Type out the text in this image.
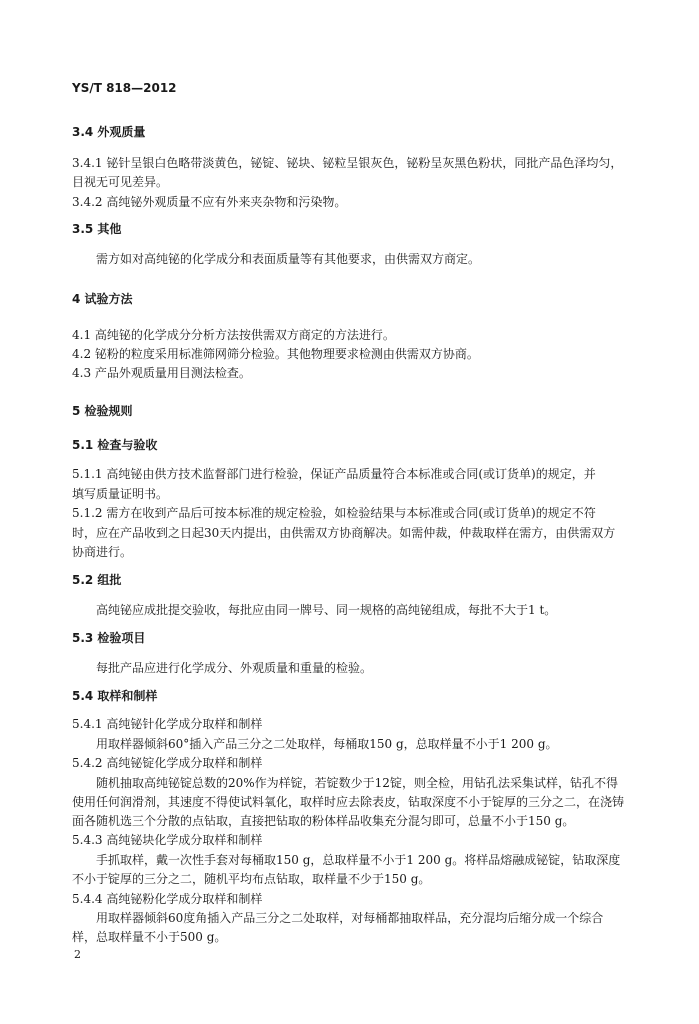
YS/T 818—2012
3.4 外观质量
3.4.1 铋针呈银白色略带淡黄色，铋锭、铋块、铋粒呈银灰色，铋粉呈灰黑色粉状，同批产品色泽均匀，
目视无可见差异。
3.4.2 高纯铋外观质量不应有外来夹杂物和污染物。
3.5 其他
需方如对高纯铋的化学成分和表面质量等有其他要求，由供需双方商定。
4 试验方法
4.1 高纯铋的化学成分分析方法按供需双方商定的方法进行。
4.2 铋粉的粒度采用标准筛网筛分检验。其他物理要求检测由供需双方协商。
4.3 产品外观质量用目测法检查。
5 检验规则
5.1 检查与验收
5.1.1 高纯铋由供方技术监督部门进行检验，保证产品质量符合本标准或合同(或订货单)的规定，并
填写质量证明书。
5.1.2 需方在收到产品后可按本标准的规定检验，如检验结果与本标准或合同(或订货单)的规定不符
时，应在产品收到之日起30天内提出，由供需双方协商解决。如需仲裁，仲裁取样在需方，由供需双方
协商进行。
5.2 组批
高纯铋应成批提交验收，每批应由同一牌号、同一规格的高纯铋组成，每批不大于1 t。
5.3 检验项目
每批产品应进行化学成分、外观质量和重量的检验。
5.4 取样和制样
5.4.1 高纯铋针化学成分取样和制样
用取样器倾斜60°插入产品三分之二处取样，每桶取150 g，总取样量不小于1 200 g。
5.4.2 高纯铋锭化学成分取样和制样
随机抽取高纯铋锭总数的20%作为样锭，若锭数少于12锭，则全检，用钻孔法采集试样，钻孔不得
使用任何润滑剂，其速度不得使试料氧化，取样时应去除表皮，钻取深度不小于锭厚的三分之二，在浇铸
面各随机选三个分散的点钻取，直接把钻取的粉体样品收集充分混匀即可，总量不小于150 g。
5.4.3 高纯铋块化学成分取样和制样
手抓取样，戴一次性手套对每桶取150 g，总取样量不小于1 200 g。将样品熔融成铋锭，钻取深度
不小于锭厚的三分之二，随机平均布点钻取，取样量不少于150 g。
5.4.4 高纯铋粉化学成分取样和制样
用取样器倾斜60度角插入产品三分之二处取样，对每桶都抽取样品，充分混均后缩分成一个综合
样，总取样量不小于500 g。
2
